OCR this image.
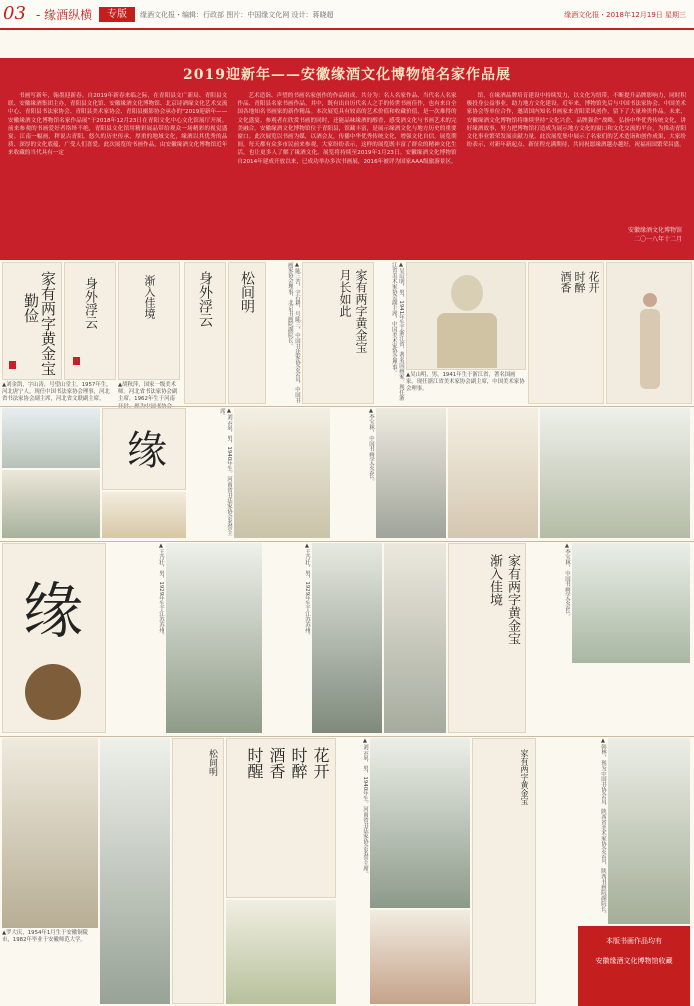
03 - 缘酒纵横	专版	缘酒文化报・编辑：行政部 图片：中国缘文化网 设计：蒋晓超	缘酒文化报・2018年12月19日 星期三
2019迎新年——安徽缘酒文化博物馆名家作品展

书画写新年，翰墨迎新春。自2019年新春来临之际，在青阳县文广新局、青阳县文联、安徽缘酒集团主办，青阳县文化馆、安徽缘酒文化博物馆、北京诗酒缘文化艺术交流中心、青阳县书法家协会、青阳县美术家协会、青阳县摄影协会承办的“2019迎新年——安徽缘酒文化博物馆名家作品展”于2018年12月23日在青阳文化中心文化馆展厅开展。前来参观的书画爱好者络绎不绝，青阳县文化馆用精彩展品带给观众一场精彩的视觉盛宴。江南一幅画，秤说古青阳。悠久的历史传承，厚重的地域文化，缘酒以其优秀的品质、深厚的文化底蕴，广受人们喜爱。此次展览的书画作品，由安徽缘酒文化博物馆近年来收藏的当代具有一定

艺术造诣、声望的书画名家创作的作品组成，共分为：名人名家作品、当代名人名家作品、青阳县名家书画作品。其中，既有出自历代名人之手的传世书画佳作，也有来自全国各地知名书画家的新作精品。本次展览具有较高的艺术价值和收藏价值，是一次难得的文化盛宴。参观者在欣赏书画的同时，还能品味缘酒的醇香，感受酒文化与书画艺术的完美融合。安徽缘酒文化博物馆位于青阳县，馆藏丰富，是展示缘酒文化与地方历史的重要窗口。此次展览以书画为媒，以酒会友，传播中华优秀传统文化，增强文化自信。展览期间，每天都有众多市民前来参观，大家纷纷表示，这样的展览既丰富了群众的精神文化生活，也让更多人了解了缘酒文化。展览将持续至2019年1月23日。安徽缘酒文化博物馆自2014年建成开放以来，已成功举办多次书画展，2016年被评为国家AAA级旅游景区。

馆，在缘酒品牌培育建设中持续发力，以文化为纽带，不断提升品牌影响力，同时积极投身公益事业，助力地方文化建设。近年来，博物馆先后与中国书法家协会、中国美术家协会等单位合作，邀请国内知名书画家来青阳采风创作，留下了大量珍贵作品。未来，安徽缘酒文化博物馆将继续坚持“文化兴企、品牌强企”战略，弘扬中华优秀传统文化，讲好缘酒故事，努力把博物馆打造成为展示地方文化的窗口和文化交流的平台，为推动青阳文化事业繁荣发展贡献力量。此次展览集中展示了名家们的艺术造诣和创作成果，大家纷纷表示，对新年新起点、新征程充满期待，共同祝愿缘酒越办越好，祝福祖国繁荣昌盛。

安徽缘酒文化博物馆
二〇一八年十二月
家有两字黄金宝
勤俭	身外浮云
▲刘金凯，字山涛，号望山堂主。1957年生，河北唐宁人。现任中国书法家协会理事，河北省书法家协会副主席，河北省文联副主席。
渐入佳境
▲胡秋萍，国家一级美术师。河北省书法家协会副主席。1962年生于河南
身外浮云 松间明	▲陈三苦，字石耕，号陈三，中国书法家协会会员，中国书画家协会理事，北京书画院副院长。	家有两字黄金宝
月长如此	▲吴山明，男，1941年生于浙江省，著名国画家。现任浙江省美术家协会副主席，中国美术家协会理事。	▲吴山明，男，1941年生于浙江省，著名国画家。现任浙江省美术家协会副主席，中国美术家协会理事。
花开
时醉
酒香
缘	▲刘云泉，男，1940年生。河南省书法家协会名誉主席。	▲李宝林，中国书画学会会长。
缘	▲王乃壮，男，1929年生于江苏苏州。	▲王乃壮，男，1929年生于江苏苏州。	家有两字黄金宝
渐入佳境	▲李宝林，中国书画学会会长。
▲罗大庆，1954年1月生于安徽铜陵市，1982年毕业于安徽师范大学。
松间明	花开
时醉
酒香
时醒	▲刘云泉，男，1940年生。河南省书法家协会名誉主席。	家有两字黄金宝	▲韩林，现为中国书协会员，陕西省美术家协会会员，陕西书画院副院长。
本版书画作品均有
安徽缘酒文化博物馆收藏
